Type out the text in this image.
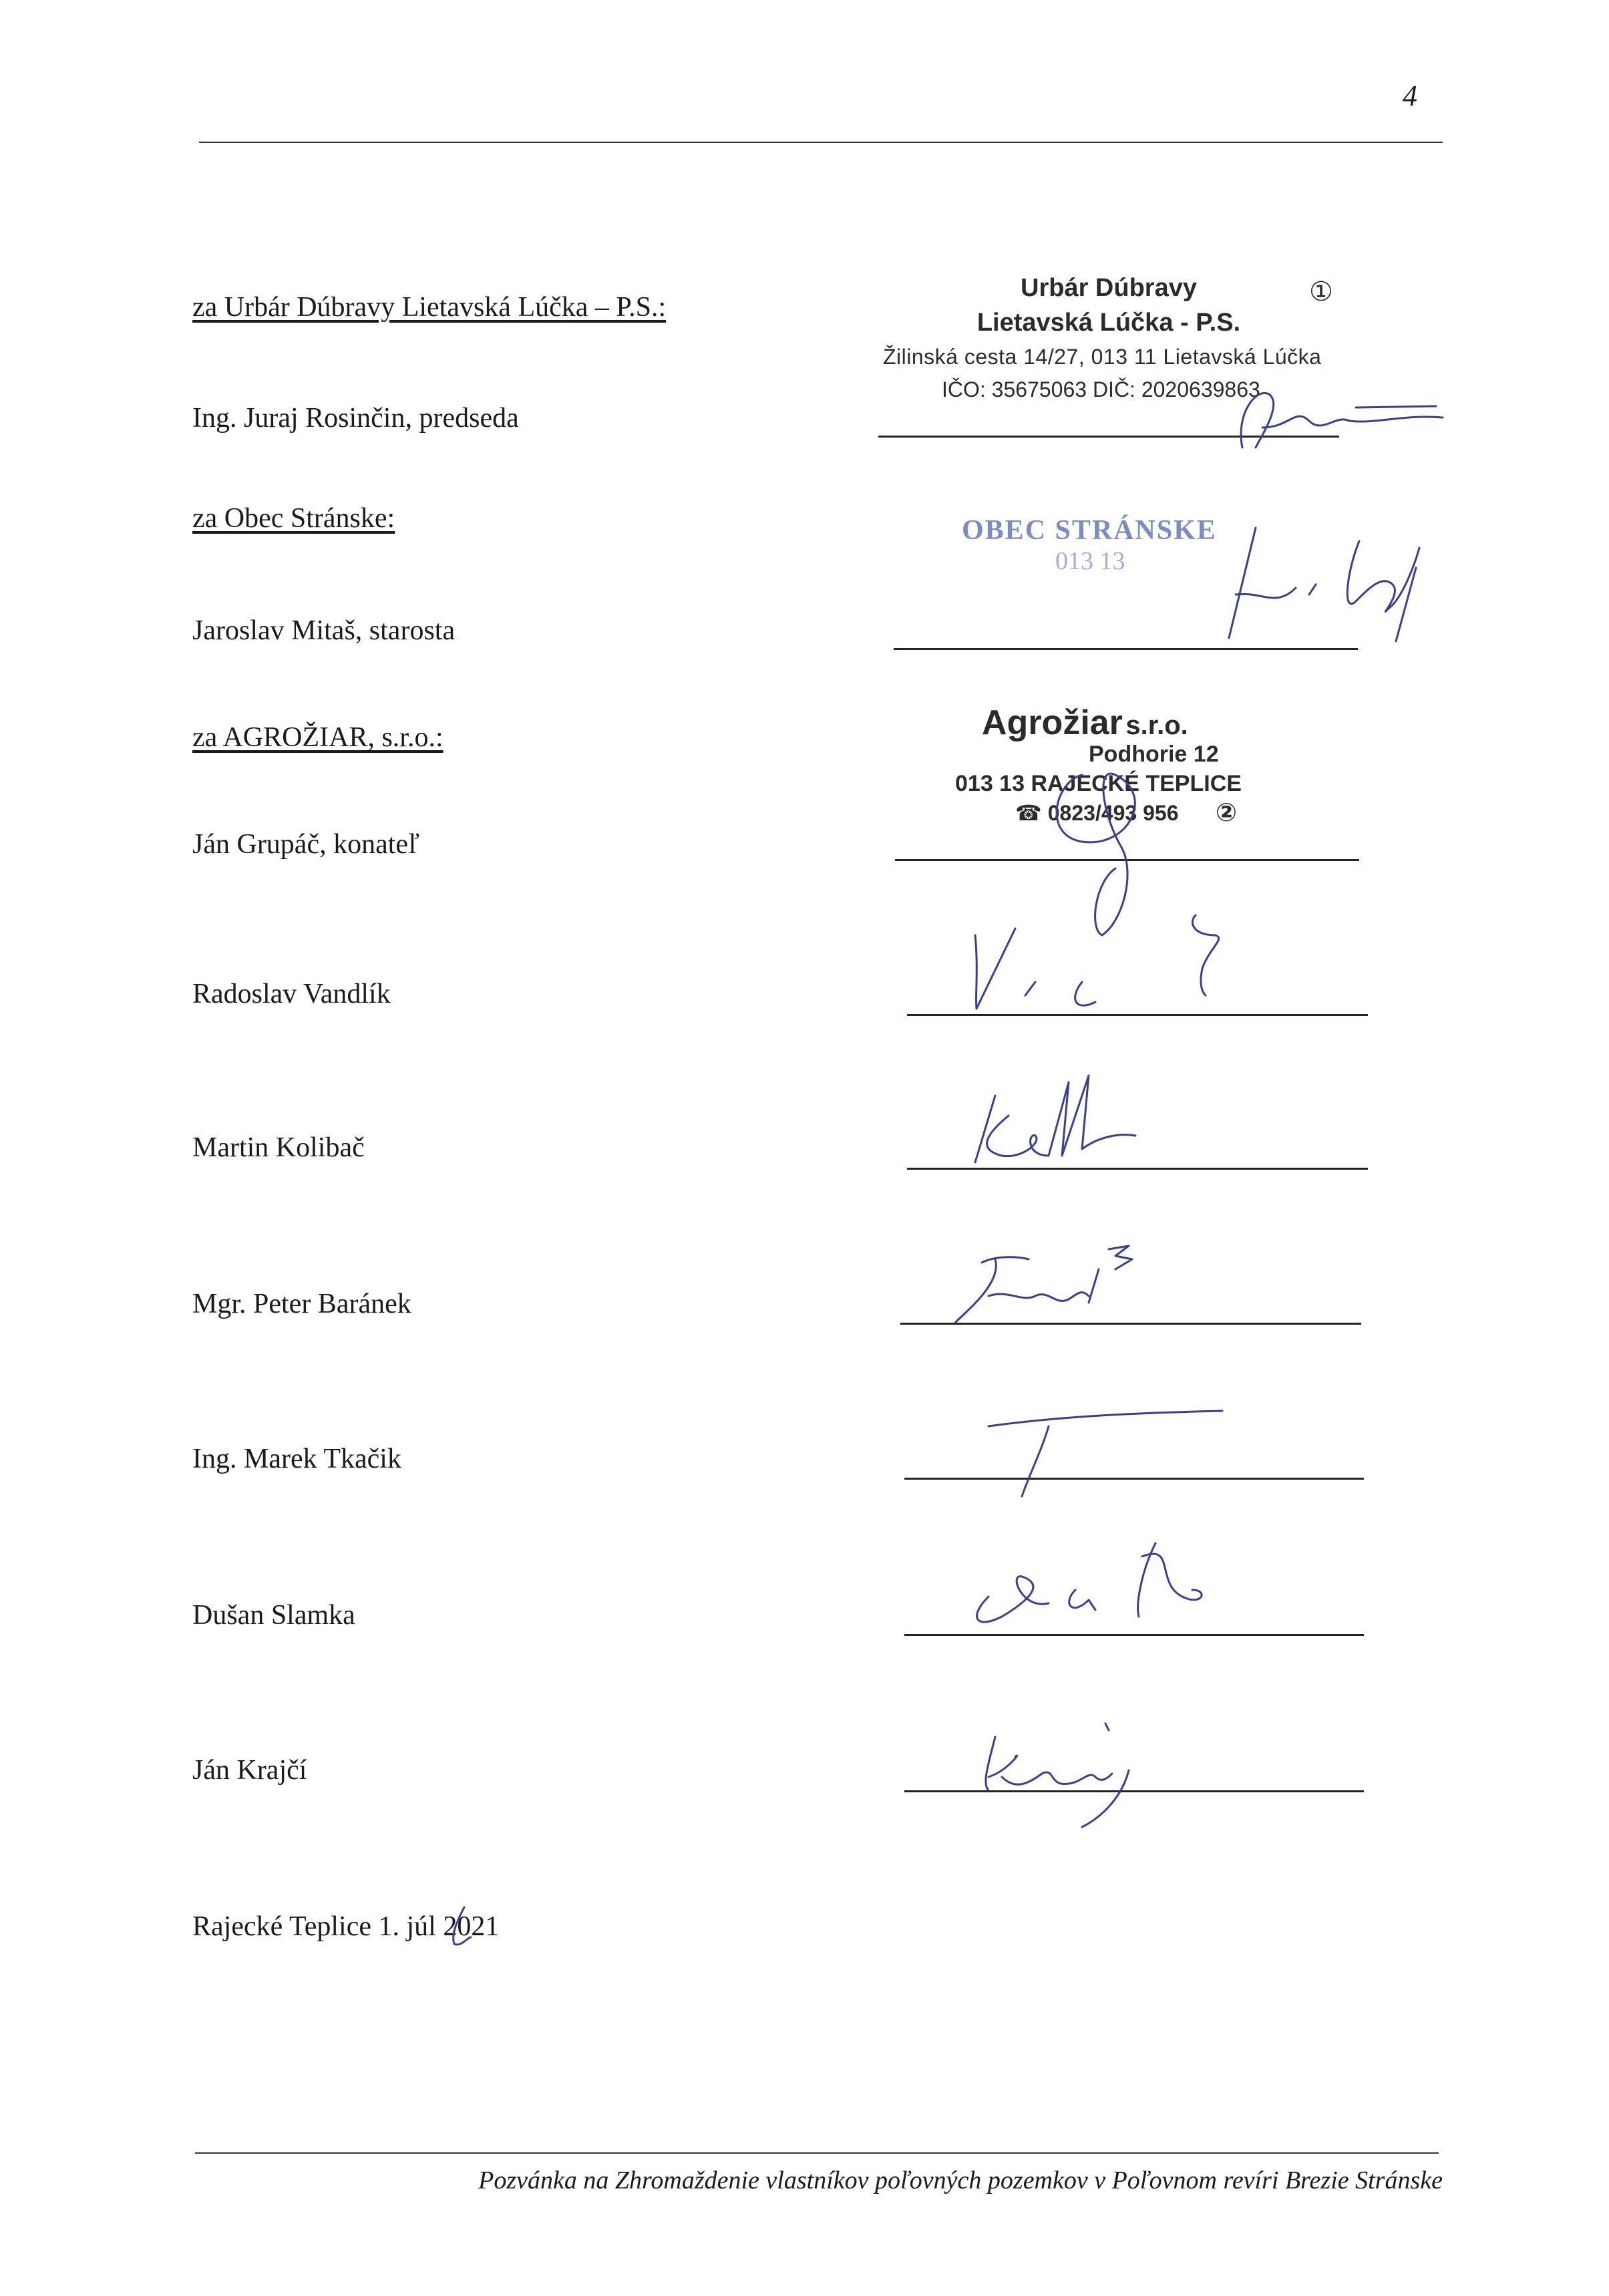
4
za Urbár Dúbravy Lietavská Lúčka – P.S.:
Ing. Juraj Rosinčin, predseda
Urbár Dúbravy
Lietavská Lúčka - P.S.
Žilinská cesta 14/27, 013 11 Lietavská Lúčka
IČO: 35675063 DIČ: 2020639863
①
za Obec Stránske:
Jaroslav Mitaš, starosta
OBEC STRÁNSKE
013 13
za AGROŽIAR, s.r.o.:
Ján Grupáč, konateľ
Agrožiar s.r.o.
Podhorie 12
013 13 RAJECKÉ TEPLICE
☎ 0823/493 956 ②
Radoslav Vandlík
Martin Kolibač
Mgr. Peter Baránek
Ing. Marek Tkačik
Dušan Slamka
Ján Krajčí
Rajecké Teplice 1. júl 2021
Pozvánka na Zhromaždenie vlastníkov poľovných pozemkov v Poľovnom revíri Brezie Stránske
